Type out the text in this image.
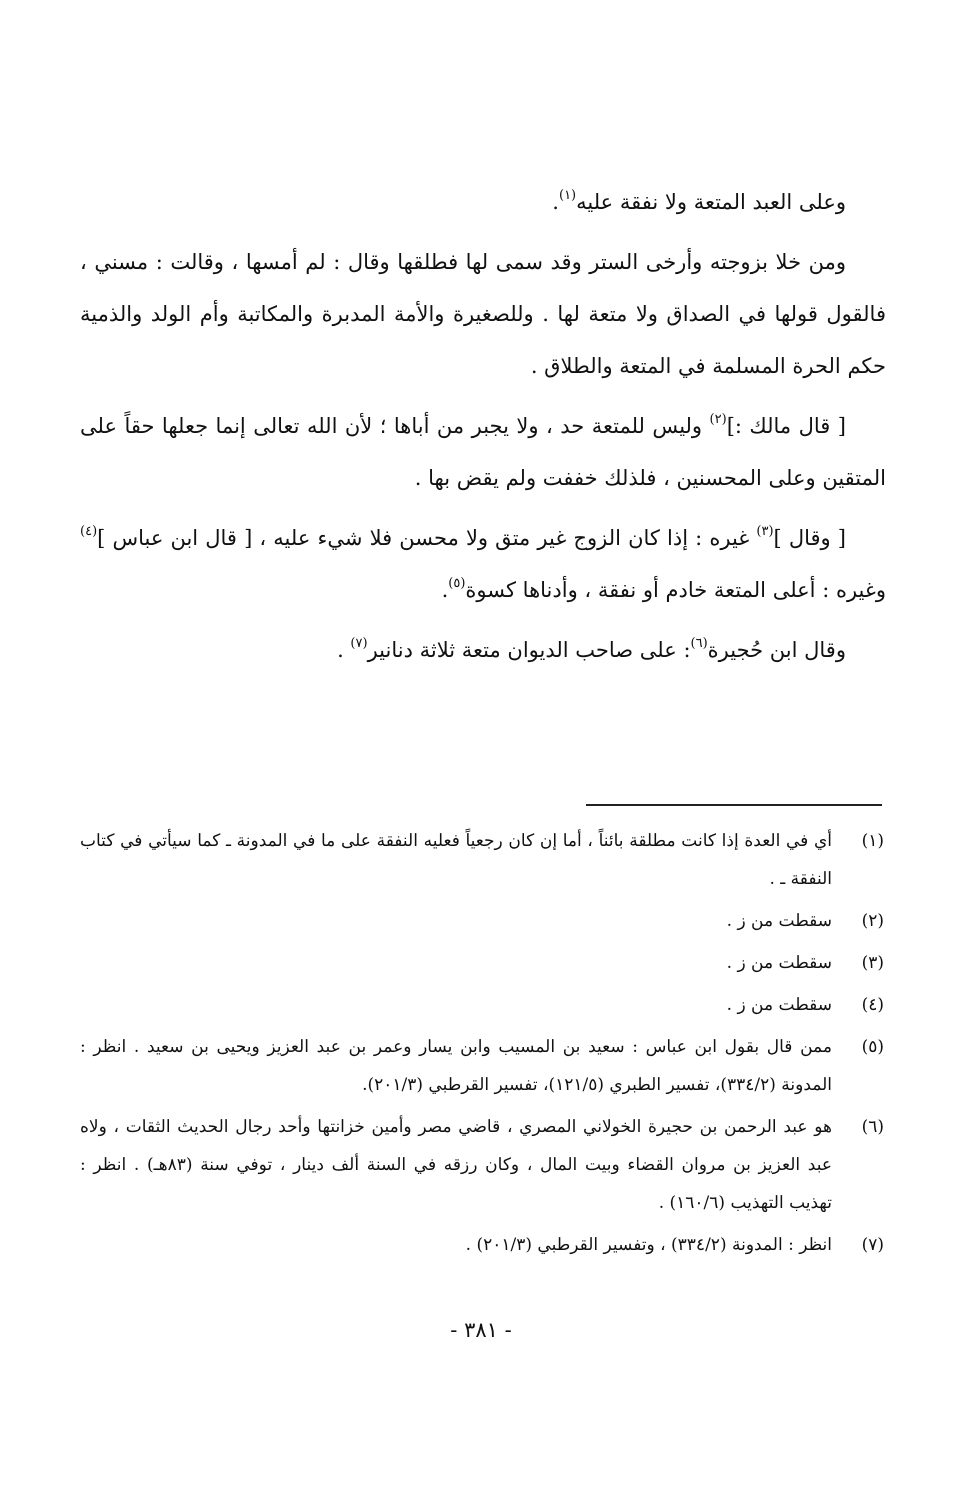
وعلى العبد المتعة ولا نفقة عليه$^{(١)}$.

ومن خلا بزوجته وأرخى الستر وقد سمى لها فطلقها وقال : لم أمسها ، وقالت : مسني ، فالقول قولها في الصداق ولا متعة لها . وللصغيرة والأمة المدبرة والمكاتبة وأم الولد والذمية حكم الحرة المسلمة في المتعة والطلاق .

[ قال مالك :]$^{(٢)}$ وليس للمتعة حد ، ولا يجبر من أباها ؛ لأن الله تعالى إنما جعلها حقاً على المتقين وعلى المحسنين ، فلذلك خففت ولم يقض بها .

[ وقال ]$^{(٣)}$ غيره : إذا كان الزوج غير متق ولا محسن فلا شيء عليه ، [ قال ابن عباس ]$^{(٤)}$ وغيره : أعلى المتعة خادم أو نفقة ، وأدناها كسوة$^{(٥)}$.

وقال ابن حُجيرة$^{(٦)}$: على صاحب الديوان متعة ثلاثة دنانير$^{(٧)}$ .

(١)
أي في العدة إذا كانت مطلقة بائناً ، أما إن كان رجعياً فعليه النفقة على ما في المدونة ـ كما سيأتي في كتاب النفقة ـ .
(٢)
سقطت من ز .
(٣)
سقطت من ز .
(٤)
سقطت من ز .
(٥)
ممن قال بقول ابن عباس : سعيد بن المسيب وابن يسار وعمر بن عبد العزيز ويحيى بن سعيد . انظر : المدونة (٣٣٤/٢)، تفسير الطبري (١٢١/٥)، تفسير القرطبي (٢٠١/٣).
(٦)
هو عبد الرحمن بن حجيرة الخولاني المصري ، قاضي مصر وأمين خزانتها وأحد رجال الحديث الثقات ، ولاه عبد العزيز بن مروان القضاء وبيت المال ، وكان رزقه في السنة ألف دينار ، توفي سنة (٨٣هـ) . انظر : تهذيب التهذيب (١٦٠/٦) .
(٧)
انظر : المدونة (٣٣٤/٢) ، وتفسير القرطبي (٢٠١/٣) .
- ٣٨١ -
